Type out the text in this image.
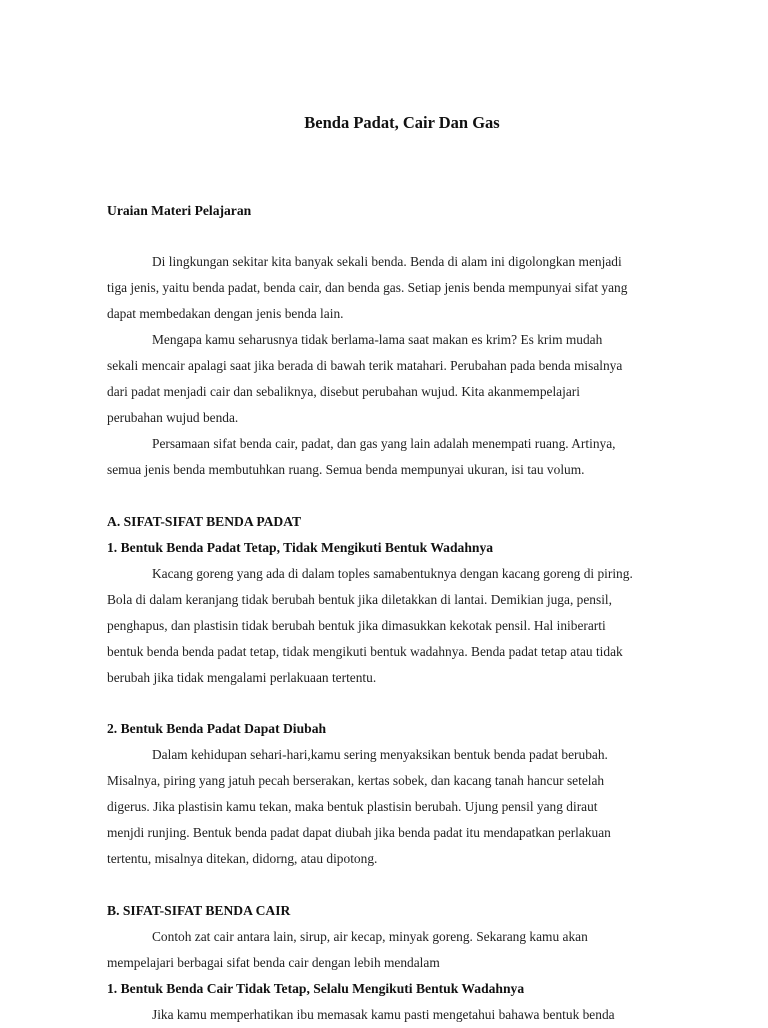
Benda Padat, Cair Dan Gas
Uraian Materi Pelajaran
Di lingkungan sekitar kita banyak sekali benda. Benda di alam ini digolongkan menjadi
tiga jenis, yaitu benda padat, benda cair, dan benda gas. Setiap jenis benda mempunyai sifat yang
dapat membedakan dengan jenis benda lain.
Mengapa kamu seharusnya tidak berlama-lama saat makan es krim? Es krim mudah
sekali mencair apalagi saat jika berada di bawah terik matahari. Perubahan pada benda misalnya
dari padat menjadi cair dan sebaliknya, disebut perubahan wujud. Kita akanmempelajari
perubahan wujud benda.
Persamaan sifat benda cair, padat, dan gas yang lain adalah menempati ruang. Artinya,
semua jenis benda membutuhkan ruang. Semua benda mempunyai ukuran, isi tau volum.
A. SIFAT-SIFAT BENDA PADAT
1. Bentuk Benda Padat Tetap, Tidak Mengikuti Bentuk Wadahnya
Kacang goreng yang ada di dalam toples samabentuknya dengan kacang goreng di piring.
Bola di dalam keranjang tidak berubah bentuk jika diletakkan di lantai. Demikian juga, pensil,
penghapus, dan plastisin tidak berubah bentuk jika dimasukkan kekotak pensil. Hal iniberarti
bentuk benda benda padat tetap, tidak mengikuti bentuk wadahnya. Benda padat tetap atau tidak
berubah jika tidak mengalami perlakuaan tertentu.
2. Bentuk Benda Padat Dapat Diubah
Dalam kehidupan sehari-hari,kamu sering menyaksikan bentuk benda padat berubah.
Misalnya, piring yang jatuh pecah berserakan, kertas sobek, dan kacang tanah hancur setelah
digerus. Jika plastisin kamu tekan, maka bentuk plastisin berubah. Ujung pensil yang diraut
menjdi runjing. Bentuk benda padat dapat diubah jika benda padat itu mendapatkan perlakuan
tertentu, misalnya ditekan, didorng, atau dipotong.
B. SIFAT-SIFAT BENDA CAIR
Contoh zat cair antara lain, sirup, air kecap, minyak goreng. Sekarang kamu akan
mempelajari berbagai sifat benda cair dengan lebih mendalam
1. Bentuk Benda Cair Tidak Tetap, Selalu Mengikuti Bentuk Wadahnya
Jika kamu memperhatikan ibu memasak kamu pasti mengetahui bahawa bentuk benda
